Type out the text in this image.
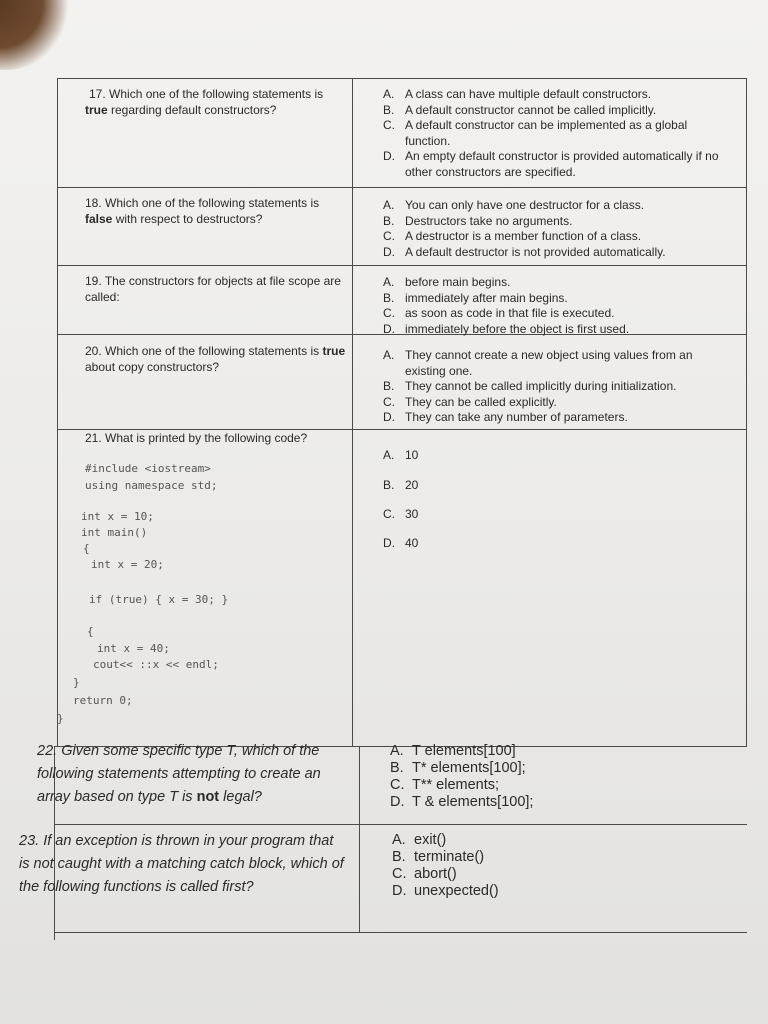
17. Which one of the following statements is true regarding default constructors?
A. A class can have multiple default constructors.
B. A default constructor cannot be called implicitly.
C. A default constructor can be implemented as a global function.
D. An empty default constructor is provided automatically if no other constructors are specified.
18. Which one of the following statements is false with respect to destructors?
A. You can only have one destructor for a class.
B. Destructors take no arguments.
C. A destructor is a member function of a class.
D. A default destructor is not provided automatically.
19. The constructors for objects at file scope are called:
A. before main begins.
B. immediately after main begins.
C. as soon as code in that file is executed.
D. immediately before the object is first used.
20. Which one of the following statements is true about copy constructors?
A. They cannot create a new object using values from an existing one.
B. They cannot be called implicitly during initialization.
C. They can be called explicitly.
D. They can take any number of parameters.
21. What is printed by the following code?
#include <iostream>
using namespace std;
int x = 10;
int main()
{
int x = 20;
if (true) { x = 30; }
{
int x = 40;
cout<< ::x << endl;
}
return 0;
}
A. 10
B. 20
C. 30
D. 40
22. Given some specific type T, which of the following statements attempting to create an array based on type T is not legal?
A. T elements[100]
B. T* elements[100];
C. T** elements;
D. T & elements[100];
23. If an exception is thrown in your program that is not caught with a matching catch block, which of the following functions is called first?
A. exit()
B. terminate()
C. abort()
D. unexpected()
